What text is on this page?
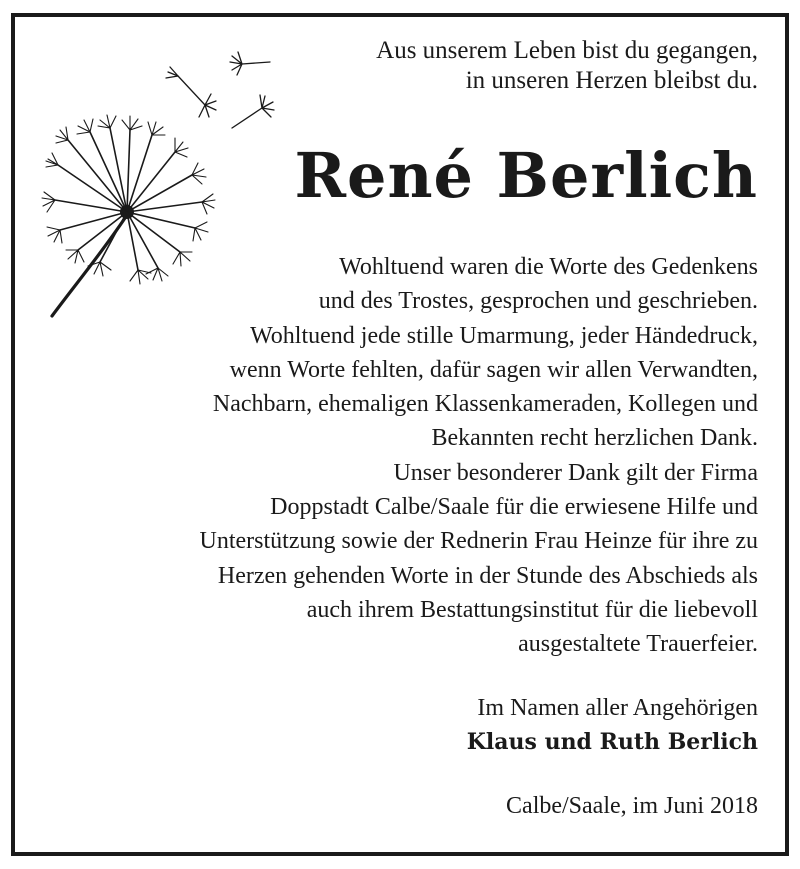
Aus unserem Leben bist du gegangen,
in unseren Herzen bleibst du.
René Berlich
Wohltuend waren die Worte des Gedenkens
und des Trostes, gesprochen und geschrieben.
Wohltuend jede stille Umarmung, jeder Händedruck,
wenn Worte fehlten, dafür sagen wir allen Verwandten,
Nachbarn, ehemaligen Klassenkameraden, Kollegen und
Bekannten recht herzlichen Dank.
Unser besonderer Dank gilt der Firma
Doppstadt Calbe/Saale für die erwiesene Hilfe und
Unterstützung sowie der Rednerin Frau Heinze für ihre zu
Herzen gehenden Worte in der Stunde des Abschieds als
auch ihrem Bestattungsinstitut für die liebevoll
ausgestaltete Trauerfeier.
Im Namen aller Angehörigen
Klaus und Ruth Berlich
Calbe/Saale, im Juni 2018
